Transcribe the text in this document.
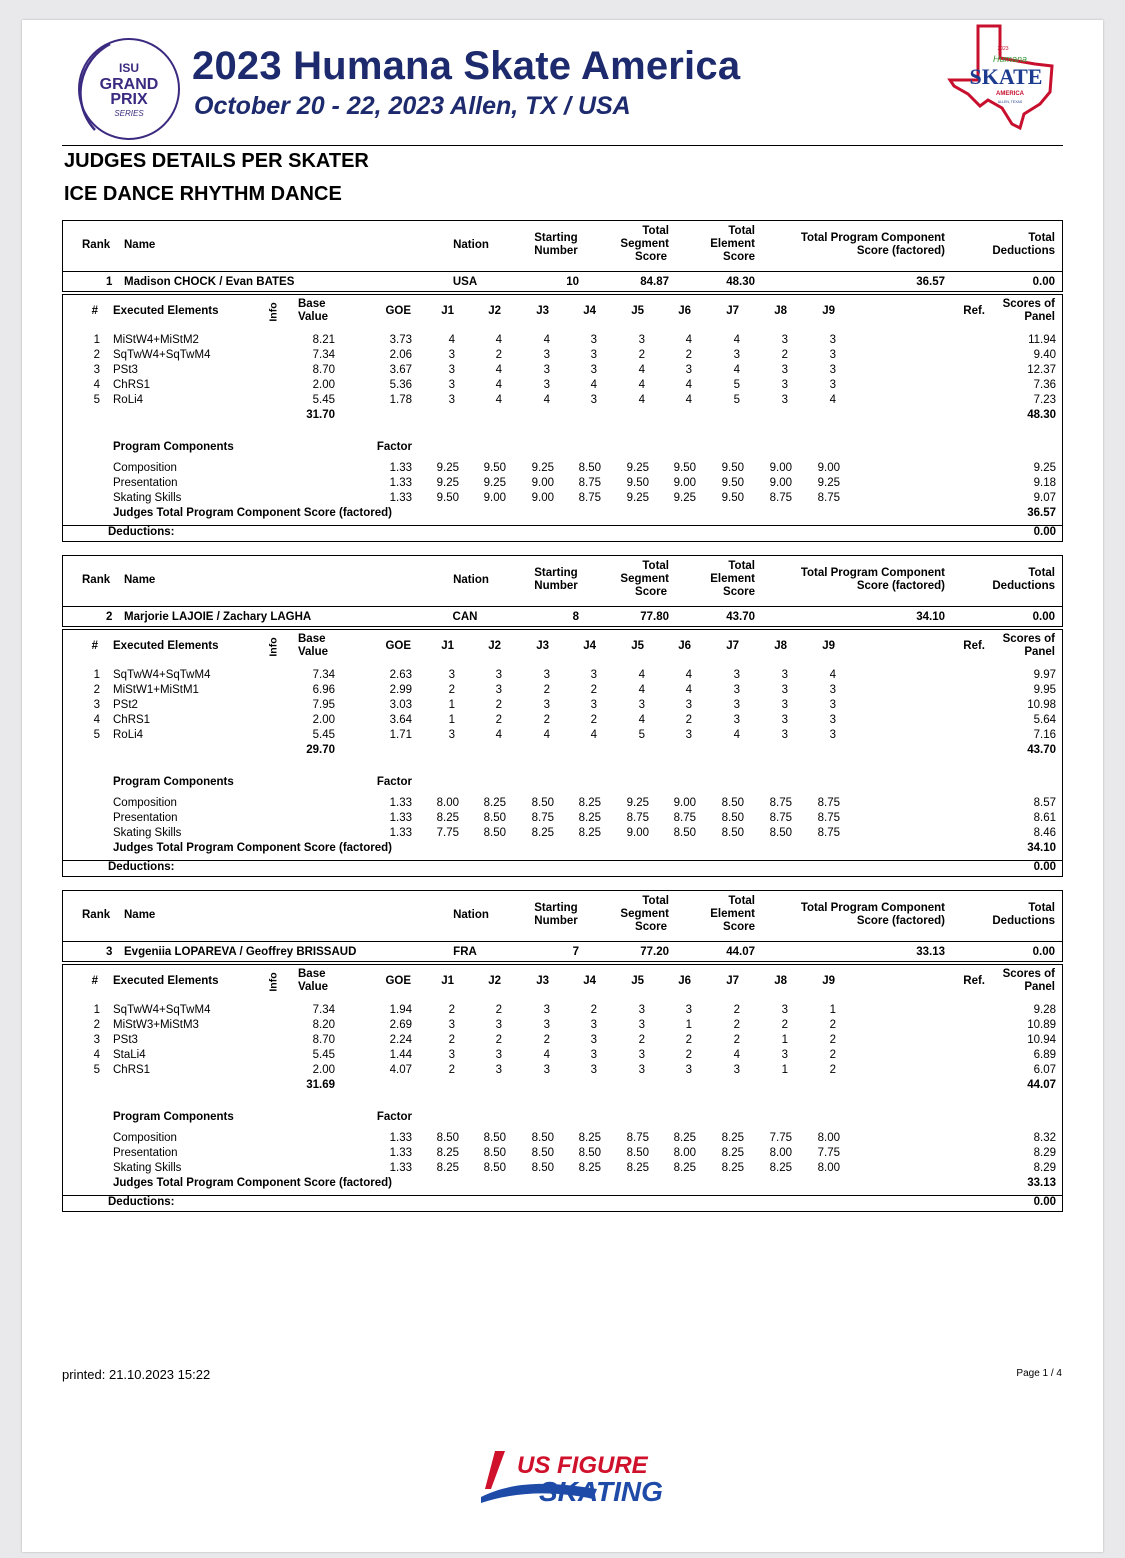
ISU
GRAND
PRIX
SERIES
2023 Humana Skate America
October 20 - 22, 2023 Allen, TX / USA
2023
Humana
SKATE
AMERICA
ALLEN, TEXAS
JUDGES DETAILS PER SKATER
ICE DANCE RHYTHM DANCE
Rank Name	Nation
Starting
Number
Total
Segment
Score
Total
Element
Score
Total Program Component
Score (factored)
Total
Deductions
1 Madison CHOCK / Evan BATES	USA	10	84.87	48.30	36.57	0.00
# Executed Elements	Info Base
Value	GOE	J1	J2	J3	J4	J5	J6	J7	J8	J9	Ref.
Scores of
Panel
1 MiStW4+MiStM2	8.21	3.73	4	4	4	3	3	4	4	3	3	11.94
2 SqTwW4+SqTwM4	7.34	2.06	3	2	3	3	2	2	3	2	3	9.40
3 PSt3	8.70	3.67	3	4	3	3	4	3	4	3	3	12.37
4 ChRS1	2.00	5.36	3	4	3	4	4	4	5	3	3	7.36
5 RoLi4	5.45	1.78	3	4	4	3	4	4	5	3	4	7.23
31.70	48.30
Program Components	Factor
Composition	1.33	9.25	9.50	9.25	8.50	9.25	9.50	9.50	9.00	9.00	9.25
Presentation	1.33	9.25	9.25	9.00	8.75	9.50	9.00	9.50	9.00	9.25	9.18
Skating Skills	1.33	9.50	9.00	9.00	8.75	9.25	9.25	9.50	8.75	8.75	9.07
Judges Total Program Component Score (factored)	36.57
Deductions:	0.00
Rank Name	Nation
Starting
Number
Total
Segment
Score
Total
Element
Score
Total Program Component
Score (factored)
Total
Deductions
2 Marjorie LAJOIE / Zachary LAGHA	CAN	8	77.80	43.70	34.10	0.00
# Executed Elements	Info Base
Value	GOE	J1	J2	J3	J4	J5	J6	J7	J8	J9	Ref.
Scores of
Panel
1 SqTwW4+SqTwM4	7.34	2.63	3	3	3	3	4	4	3	3	4	9.97
2 MiStW1+MiStM1	6.96	2.99	2	3	2	2	4	4	3	3	3	9.95
3 PSt2	7.95	3.03	1	2	3	3	3	3	3	3	3	10.98
4 ChRS1	2.00	3.64	1	2	2	2	4	2	3	3	3	5.64
5 RoLi4	5.45	1.71	3	4	4	4	5	3	4	3	3	7.16
29.70	43.70
Program Components	Factor
Composition	1.33	8.00	8.25	8.50	8.25	9.25	9.00	8.50	8.75	8.75	8.57
Presentation	1.33	8.25	8.50	8.75	8.25	8.75	8.75	8.50	8.75	8.75	8.61
Skating Skills	1.33	7.75	8.50	8.25	8.25	9.00	8.50	8.50	8.50	8.75	8.46
Judges Total Program Component Score (factored)	34.10
Deductions:	0.00
Rank Name	Nation
Starting
Number
Total
Segment
Score
Total
Element
Score
Total Program Component
Score (factored)
Total
Deductions
3 Evgeniia LOPAREVA / Geoffrey BRISSAUD	FRA	7	77.20	44.07	33.13	0.00
# Executed Elements	Info Base
Value	GOE	J1	J2	J3	J4	J5	J6	J7	J8	J9	Ref.
Scores of
Panel
1 SqTwW4+SqTwM4	7.34	1.94	2	2	3	2	3	3	2	3	1	9.28
2 MiStW3+MiStM3	8.20	2.69	3	3	3	3	3	1	2	2	2	10.89
3 PSt3	8.70	2.24	2	2	2	3	2	2	2	1	2	10.94
4 StaLi4	5.45	1.44	3	3	4	3	3	2	4	3	2	6.89
5 ChRS1	2.00	4.07	2	3	3	3	3	3	3	1	2	6.07
31.69	44.07
Program Components	Factor
Composition	1.33	8.50	8.50	8.50	8.25	8.75	8.25	8.25	7.75	8.00	8.32
Presentation	1.33	8.25	8.50	8.50	8.50	8.50	8.00	8.25	8.00	7.75	8.29
Skating Skills	1.33	8.25	8.50	8.50	8.25	8.25	8.25	8.25	8.25	8.00	8.29
Judges Total Program Component Score (factored)	33.13
Deductions:	0.00
printed: 21.10.2023 15:22	Page 1 / 4
US FIGURE
SKATING
